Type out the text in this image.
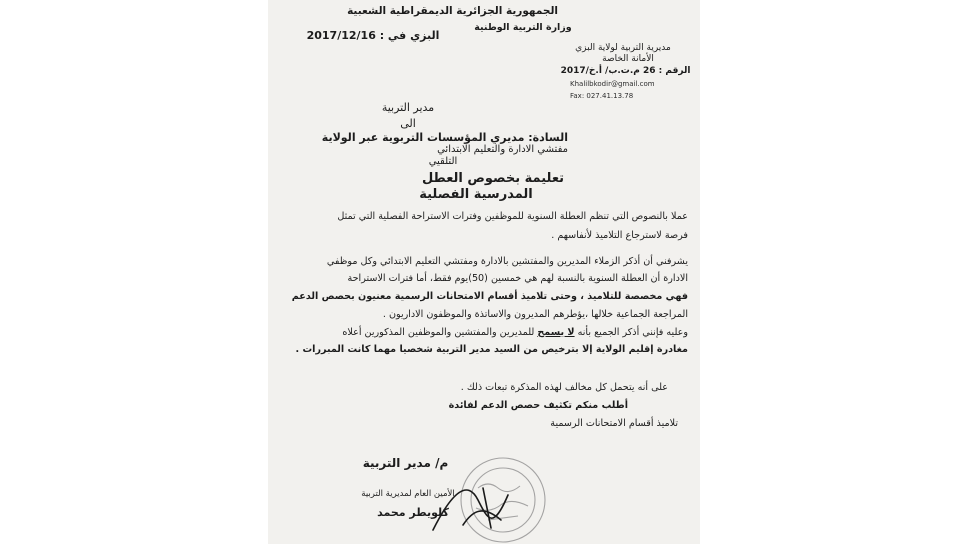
الجمهورية الجزائرية الديمقراطية الشعبية
وزارة التربية الوطنية
البزي في : 2017/12/16
مديرية التربية لولاية البزي
الأمانة الخاصة
الرقم : 26 م.ت.ب/ أ.خ/2017
Khalilbkodir@gmail.com
Fax: 027.41.13.78
مدير التربية
الى
السادة: مديري المؤسسات التربوية عبر الولاية
مفتشي الادارة والتعليم الابتدائي
التلقيي
تعليمة بخصوص العطل
المدرسية الفصلية
عملا بالنصوص التي تنظم العطلة السنوية للموظفين وفترات الاستراحة الفصلية التي تمثل
فرصة لاسترجاع التلاميذ لأنفاسهم .
يشرفني أن أذكر الزملاء المديرين والمفتشين بالادارة ومفتشي التعليم الابتدائي وكل موظفي
الادارة أن العطلة السنوية بالنسبة لهم هي خمسين (50)يوم فقط، أما فترات الاستراحة
فهي مخصصة للتلاميذ ، وحتى تلاميذ أقسام الامتحانات الرسمية معنيون بحصص الدعم
المراجعة الجماعية خلالها ،يؤطرهم المديرون والاساتذة والموظفون الاداريون .
وعليه فإنني أذكر الجميع بأنه لا يسمح للمديرين والمفتشين والموظفين المذكورين أعلاه
مغادرة إقليم الولاية إلا بترخيص من السيد مدير التربية شخصيا مهما كانت المبررات .
على أنه يتحمل كل مخالف لهذه المذكرة تبعات ذلك .
أطلب منكم تكثيف حصص الدعم لفائدة
تلاميذ أقسام الامتحانات الرسمية
م/ مدير التربية
الأمين العام لمديرية التربية
كلويطر محمد
